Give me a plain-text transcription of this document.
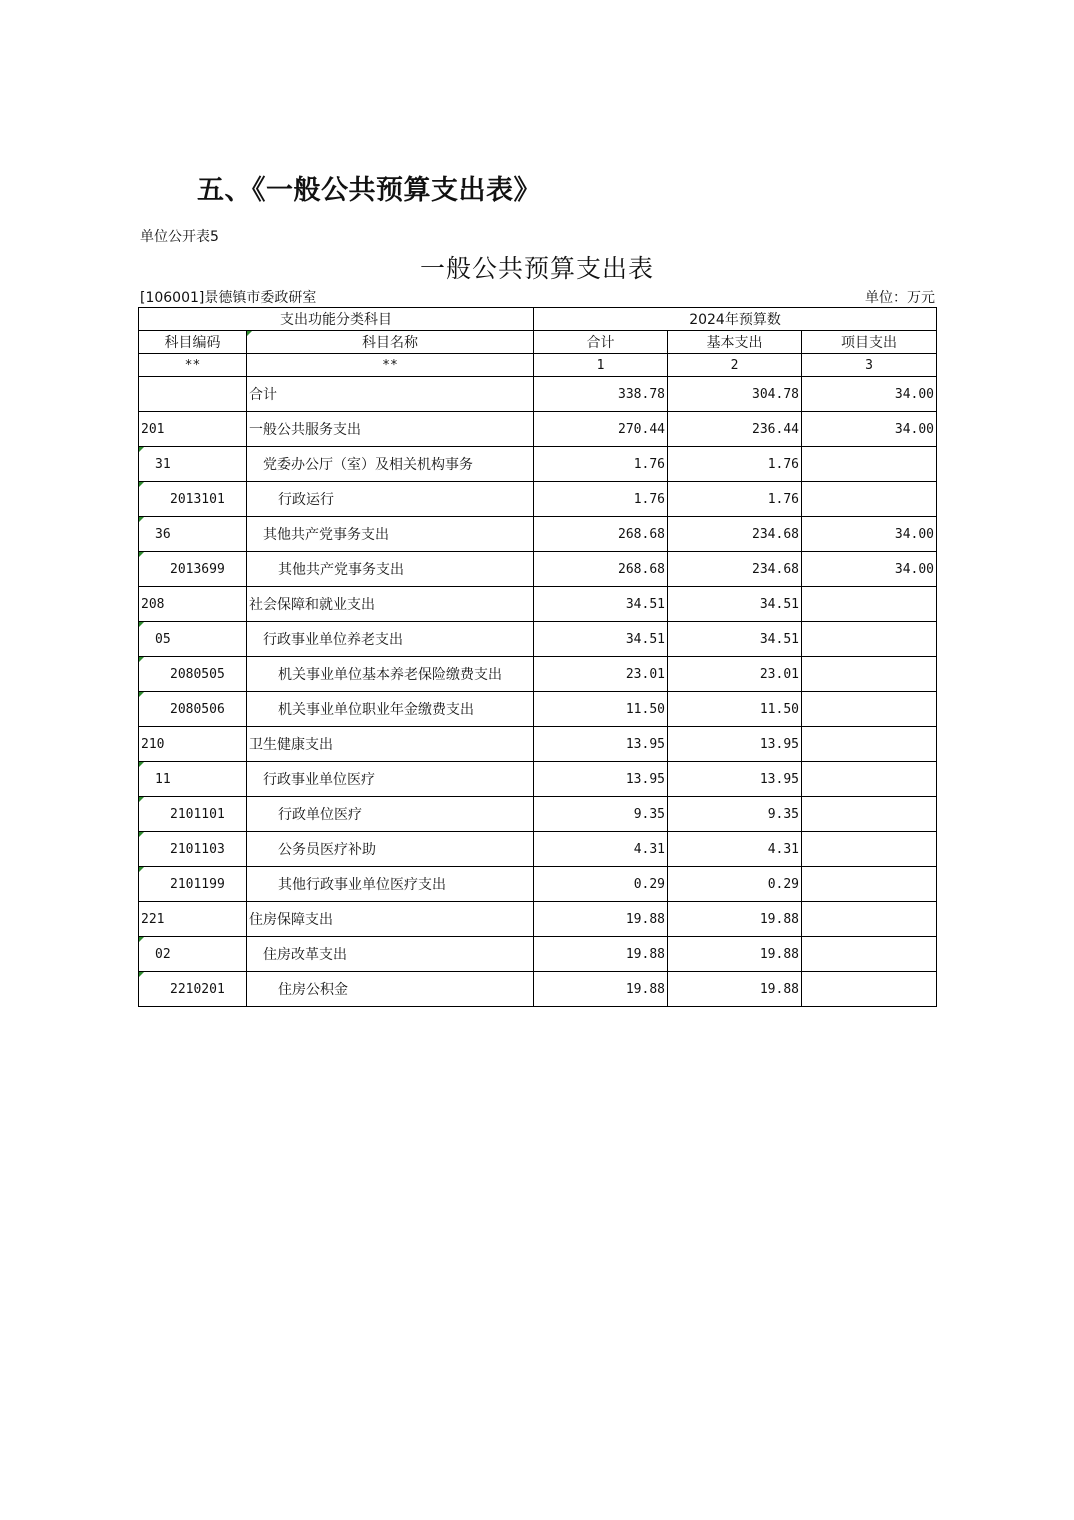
五、《一般公共预算支出表》
单位公开表5
一般公共预算支出表
[106001]景德镇市委政研室	单位：万元
支出功能分类科目		2024年预算数		
科目编码	科目名称	合计	基本支出	项目支出
**	**	1	2	3
	合计	338.78	304.78	34.00
201	一般公共服务支出	270.44	236.44	34.00

31	党委办公厅（室）及相关机构事务	1.76	1.76	

2013101	行政运行	1.76	1.76	

36	其他共产党事务支出	268.68	234.68	34.00

2013699	其他共产党事务支出	268.68	234.68	34.00
208	社会保障和就业支出	34.51	34.51	

05	行政事业单位养老支出	34.51	34.51	

2080505	机关事业单位基本养老保险缴费支出	23.01	23.01	

2080506	机关事业单位职业年金缴费支出	11.50	11.50	
210	卫生健康支出	13.95	13.95	

11	行政事业单位医疗	13.95	13.95	

2101101	行政单位医疗	9.35	9.35	

2101103	公务员医疗补助	4.31	4.31	

2101199	其他行政事业单位医疗支出	0.29	0.29	
221	住房保障支出	19.88	19.88	

02	住房改革支出	19.88	19.88	

2210201	住房公积金	19.88	19.88	
